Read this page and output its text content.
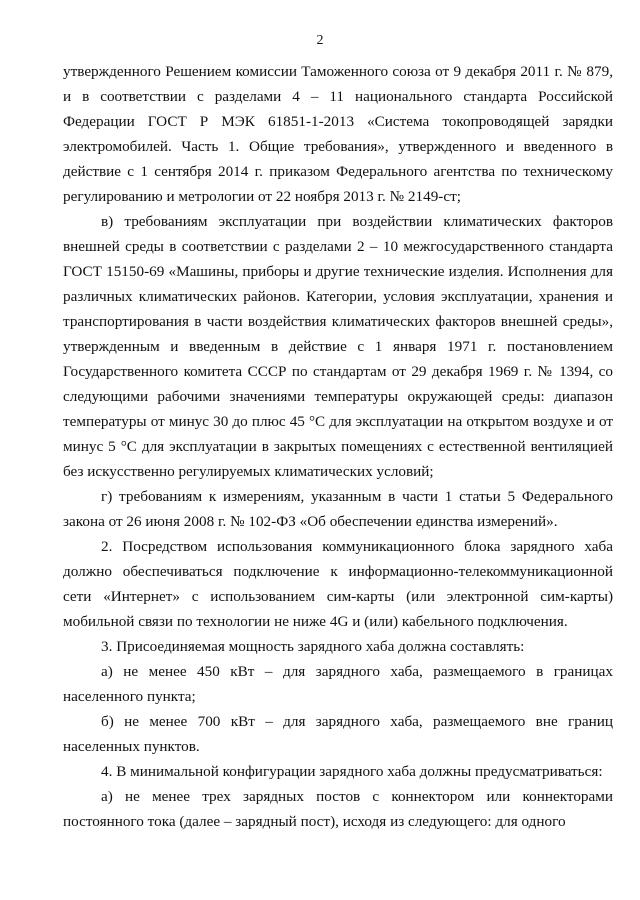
2

утвержденного Решением комиссии Таможенного союза от 9 декабря 2011 г. № 879, и в соответствии с разделами 4 – 11 национального стандарта Российской Федерации ГОСТ Р МЭК 61851-1-2013 «Система токопроводящей зарядки электромобилей. Часть 1. Общие требования», утвержденного и введенного в действие с 1 сентября 2014 г. приказом Федерального агентства по техническому регулированию и метрологии от 22 ноября 2013 г. № 2149-ст;

в) требованиям эксплуатации при воздействии климатических факторов внешней среды в соответствии с разделами 2 – 10 межгосударственного стандарта ГОСТ 15150-69 «Машины, приборы и другие технические изделия. Исполнения для различных климатических районов. Категории, условия эксплуатации, хранения и транспортирования в части воздействия климатических факторов внешней среды», утвержденным и введенным в действие с 1 января 1971 г. постановлением Государственного комитета СССР по стандартам от 29 декабря 1969 г. № 1394, со следующими рабочими значениями температуры окружающей среды: диапазон температуры от минус 30 до плюс 45 °С для эксплуатации на открытом воздухе и от минус 5 °С для эксплуатации в закрытых помещениях с естественной вентиляцией без искусственно регулируемых климатических условий;

г) требованиям к измерениям, указанным в части 1 статьи 5 Федерального закона от 26 июня 2008 г. № 102-ФЗ «Об обеспечении единства измерений».

2. Посредством использования коммуникационного блока зарядного хаба должно обеспечиваться подключение к информационно-телекоммуникационной сети «Интернет» с использованием сим-карты (или электронной сим-карты) мобильной связи по технологии не ниже 4G и (или) кабельного подключения.

3. Присоединяемая мощность зарядного хаба должна составлять:

а) не менее 450 кВт – для зарядного хаба, размещаемого в границах населенного пункта;

б) не менее 700 кВт – для зарядного хаба, размещаемого вне границ населенных пунктов.

4. В минимальной конфигурации зарядного хаба должны предусматриваться:

а) не менее трех зарядных постов с коннектором или коннекторами постоянного тока (далее – зарядный пост), исходя из следующего: для одного
